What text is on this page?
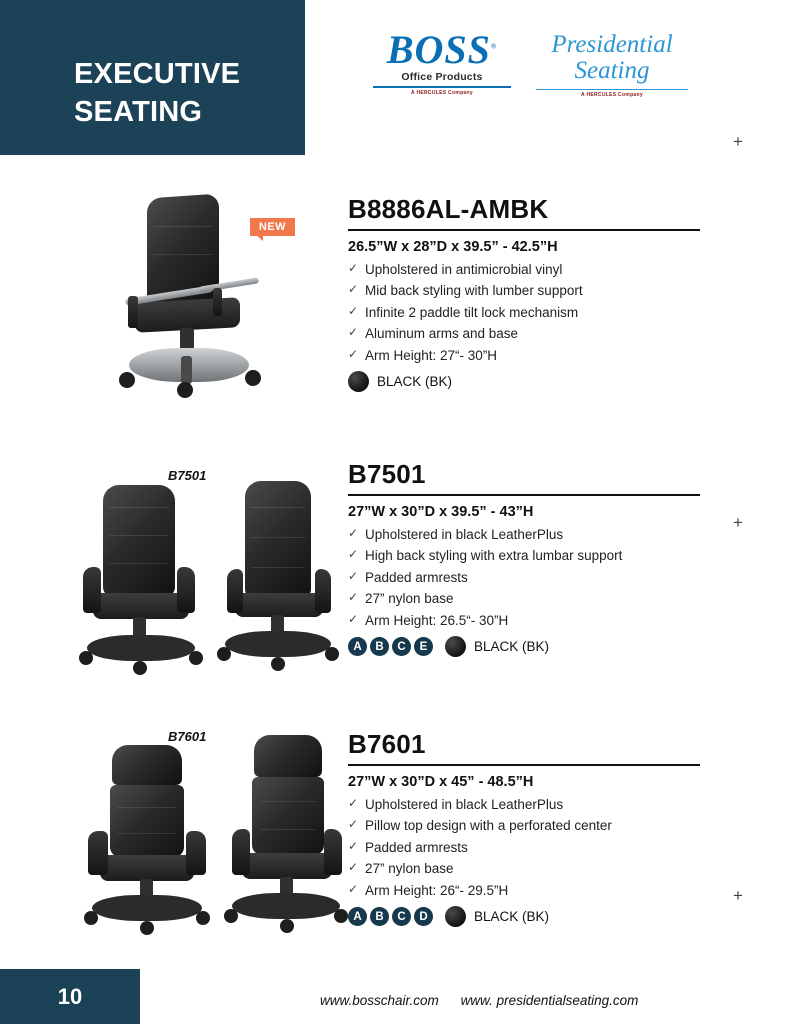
EXECUTIVE SEATING
BOSS®
Office Products
A HERCULES Company
Presidential
Seating
A HERCULES Company
+
+
+
NEW
B8886AL-AMBK
26.5”W x 28”D x 39.5” - 42.5”H
✓ Upholstered in antimicrobial vinyl
✓ Mid back styling with lumber support
✓ Infinite 2 paddle tilt lock mechanism
✓ Aluminum arms and base
✓ Arm Height: 27“- 30”H
BLACK (BK)
B7501	B7501
27”W x 30”D x 39.5” - 43”H
✓ Upholstered in black LeatherPlus
✓ High back styling with extra lumbar support
✓ Padded armrests
✓ 27” nylon base
✓ Arm Height: 26.5“- 30”H
A	B	C	E	BLACK (BK)
B7601	B7601
27”W x 30”D x 45” - 48.5”H
✓ Upholstered in black LeatherPlus
✓ Pillow top design with a perforated center
✓ Padded armrests
✓ 27” nylon base
✓ Arm Height: 26“- 29.5”H
A	B	C	D	BLACK (BK)
10	www.bosschair.com www. presidentialseating.com
